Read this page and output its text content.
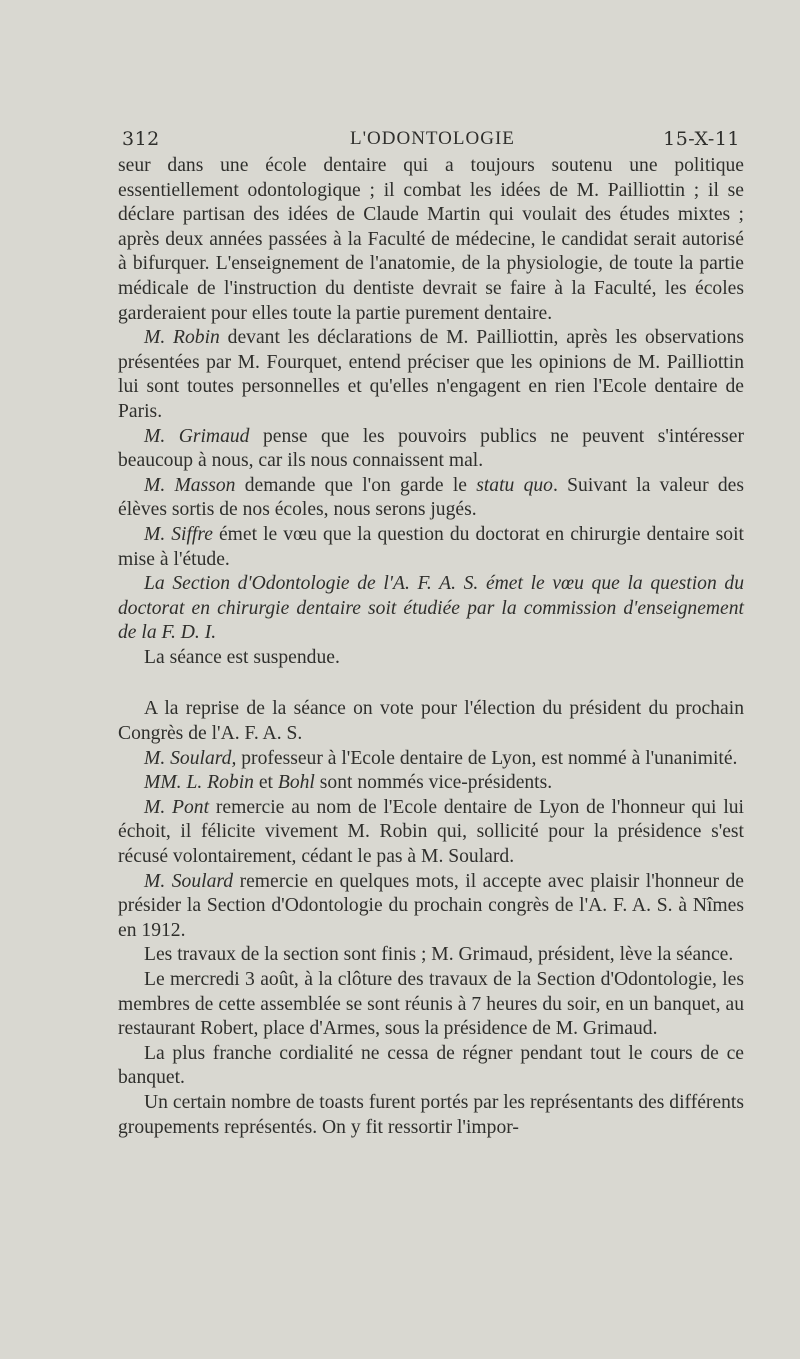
312	L'ODONTOLOGIE	15-X-11

seur dans une école dentaire qui a toujours soutenu une politique essentiellement odontologique ; il combat les idées de M. Pailliottin ; il se déclare partisan des idées de Claude Martin qui voulait des études mixtes ; après deux années passées à la Faculté de médecine, le candidat serait autorisé à bifurquer. L'enseignement de l'anatomie, de la physiologie, de toute la partie médicale de l'instruction du dentiste devrait se faire à la Faculté, les écoles garderaient pour elles toute la partie purement dentaire.

M. Robin devant les déclarations de M. Pailliottin, après les observations présentées par M. Fourquet, entend préciser que les opinions de M. Pailliottin lui sont toutes personnelles et qu'elles n'engagent en rien l'Ecole dentaire de Paris.

M. Grimaud pense que les pouvoirs publics ne peuvent s'intéresser beaucoup à nous, car ils nous connaissent mal.

M. Masson demande que l'on garde le statu quo. Suivant la valeur des élèves sortis de nos écoles, nous serons jugés.

M. Siffre émet le vœu que la question du doctorat en chirurgie dentaire soit mise à l'étude.

La Section d'Odontologie de l'A. F. A. S. émet le vœu que la question du doctorat en chirurgie dentaire soit étudiée par la commission d'enseignement de la F. D. I.

La séance est suspendue.

A la reprise de la séance on vote pour l'élection du président du prochain Congrès de l'A. F. A. S.

M. Soulard, professeur à l'Ecole dentaire de Lyon, est nommé à l'unanimité.

MM. L. Robin et Bohl sont nommés vice-présidents.

M. Pont remercie au nom de l'Ecole dentaire de Lyon de l'honneur qui lui échoit, il félicite vivement M. Robin qui, sollicité pour la présidence s'est récusé volontairement, cédant le pas à M. Soulard.

M. Soulard remercie en quelques mots, il accepte avec plaisir l'honneur de présider la Section d'Odontologie du prochain congrès de l'A. F. A. S. à Nîmes en 1912.

Les travaux de la section sont finis ; M. Grimaud, président, lève la séance.

Le mercredi 3 août, à la clôture des travaux de la Section d'Odontologie, les membres de cette assemblée se sont réunis à 7 heures du soir, en un banquet, au restaurant Robert, place d'Armes, sous la présidence de M. Grimaud.

La plus franche cordialité ne cessa de régner pendant tout le cours de ce banquet.

Un certain nombre de toasts furent portés par les représentants des différents groupements représentés. On y fit ressortir l'impor-
